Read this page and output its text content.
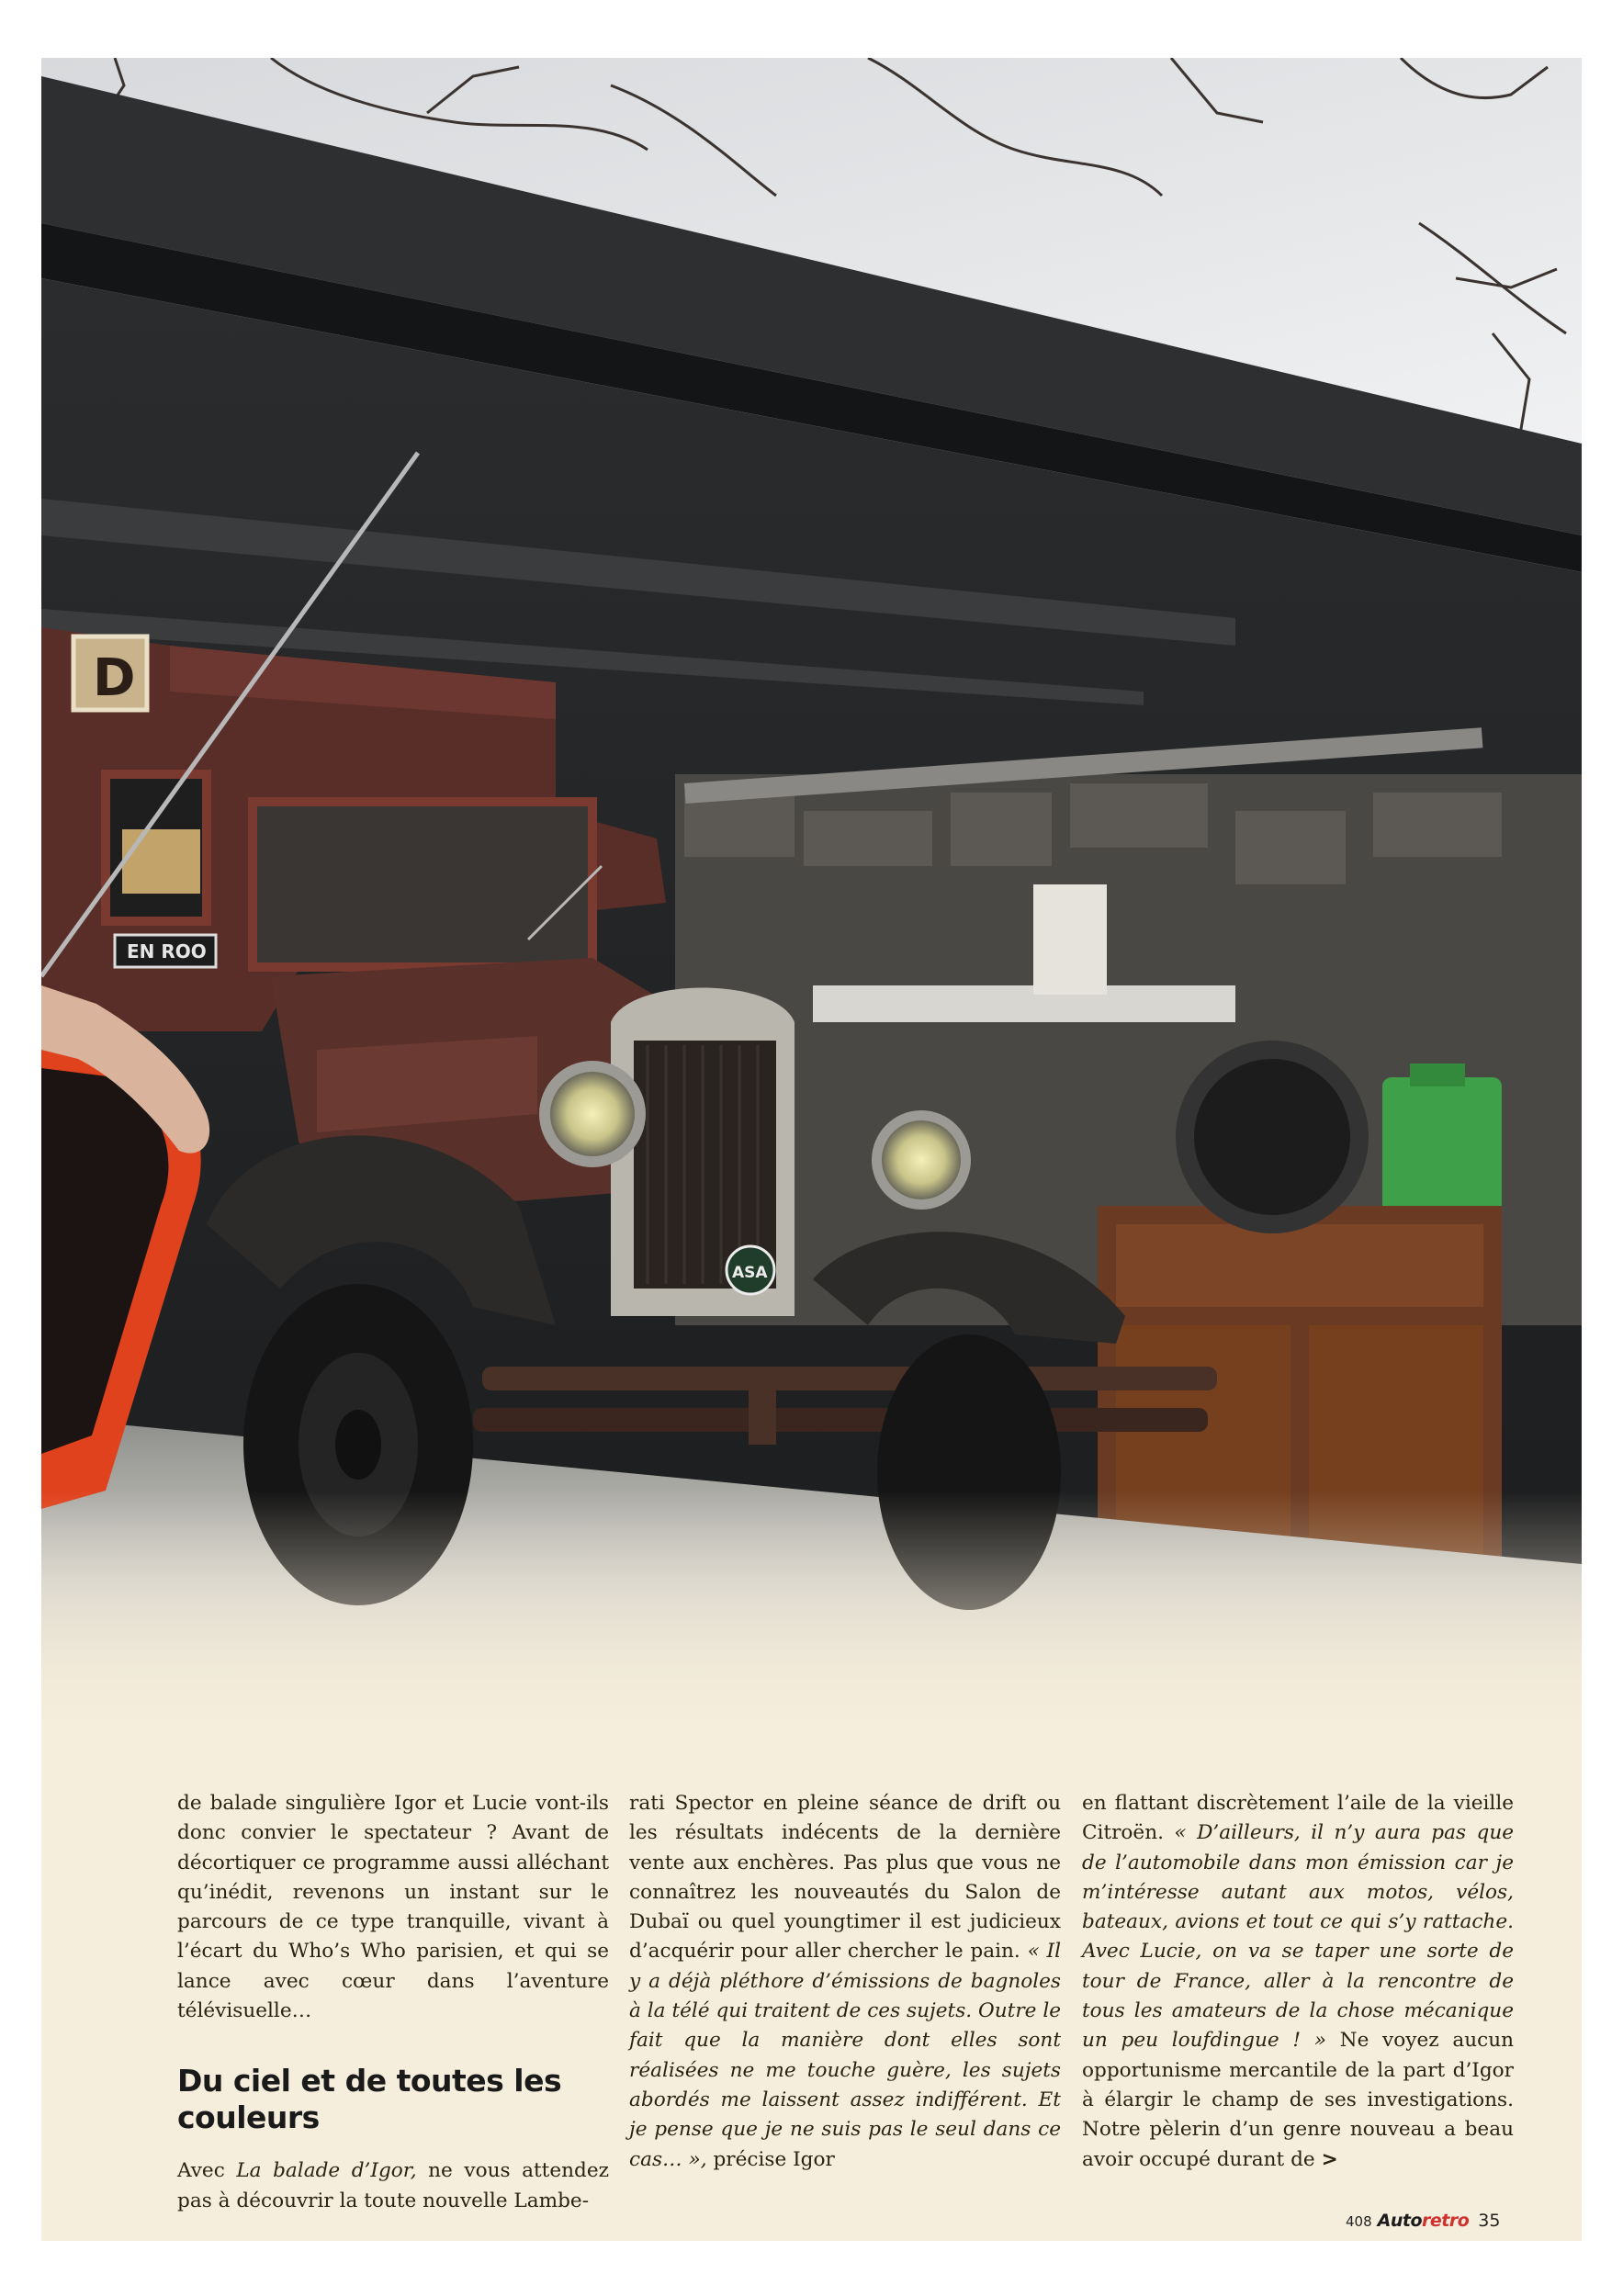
EN ROO
D
ASA

de balade singulière Igor et Lucie vont-ils donc convier le spectateur ? Avant de décortiquer ce programme aussi alléchant qu’inédit, revenons un instant sur le parcours de ce type tranquille, vivant à l’écart du Who’s Who parisien, et qui se lance avec cœur dans l’aventure télévisuelle…

Du ciel et de toutes les couleurs

Avec La balade d’Igor, ne vous attendez pas à découvrir la toute nouvelle Lambe-

rati Spector en pleine séance de drift ou les résultats indécents de la dernière vente aux enchères. Pas plus que vous ne connaîtrez les nouveautés du Salon de Dubaï ou quel youngtimer il est judicieux d’acquérir pour aller chercher le pain. « Il y a déjà pléthore d’émissions de bagnoles à la télé qui traitent de ces sujets. Outre le fait que la manière dont elles sont réalisées ne me touche guère, les sujets abordés me laissent assez indifférent. Et je pense que je ne suis pas le seul dans ce cas… », précise Igor

en flattant discrètement l’aile de la vieille Citroën. « D’ailleurs, il n’y aura pas que de l’automobile dans mon émission car je m’intéresse autant aux motos, vélos, bateaux, avions et tout ce qui s’y rattache. Avec Lucie, on va se taper une sorte de tour de France, aller à la rencontre de tous les amateurs de la chose mécanique un peu loufdingue ! » Ne voyez aucun opportunisme mercantile de la part d’Igor à élargir le champ de ses investigations. Notre pèlerin d’un genre nouveau a beau avoir occupé durant de >

408 Autoretro 35
